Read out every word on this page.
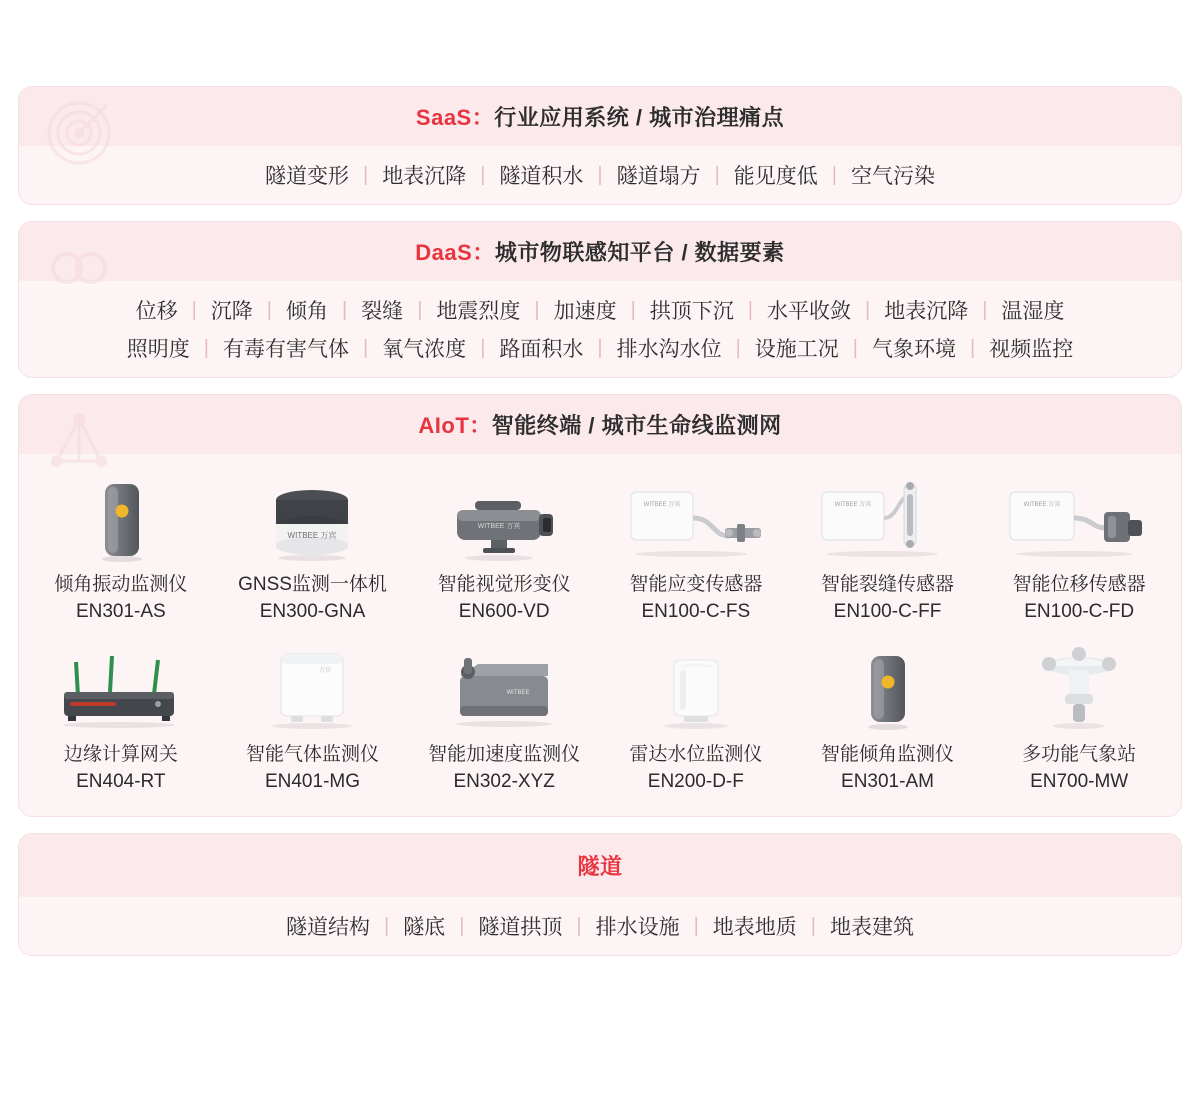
SaaS：行业应用系统 / 城市治理痛点
隧道变形 | 地表沉降 | 隧道积水 | 隧道塌方 | 能见度低 | 空气污染
DaaS：城市物联感知平台 / 数据要素
位移 | 沉降 | 倾角 | 裂缝 | 地震烈度 | 加速度 | 拱顶下沉 | 水平收敛 | 地表沉降 | 温湿度
照明度 | 有毒有害气体 | 氧气浓度 | 路面积水 | 排水沟水位 | 设施工况 | 气象环境 | 视频监控
AIoT：智能终端 / 城市生命线监测网
倾角振动监测仪
EN301-AS
WITBEE 万宾
GNSS监测一体机
EN300-GNA
WITBEE 万宾
智能视觉形变仪
EN600-VD
WITBEE 万宾
智能应变传感器
EN100-C-FS
WITBEE 万宾
智能裂缝传感器
EN100-C-FF
WITBEE 万宾
智能位移传感器
EN100-C-FD
边缘计算网关
EN404-RT
万宾
智能气体监测仪
EN401-MG
WITBEE
智能加速度监测仪
EN302-XYZ
雷达水位监测仪
EN200-D-F
智能倾角监测仪
EN301-AM
多功能气象站
EN700-MW
隧道
隧道结构 | 隧底 | 隧道拱顶 | 排水设施 | 地表地质 | 地表建筑
